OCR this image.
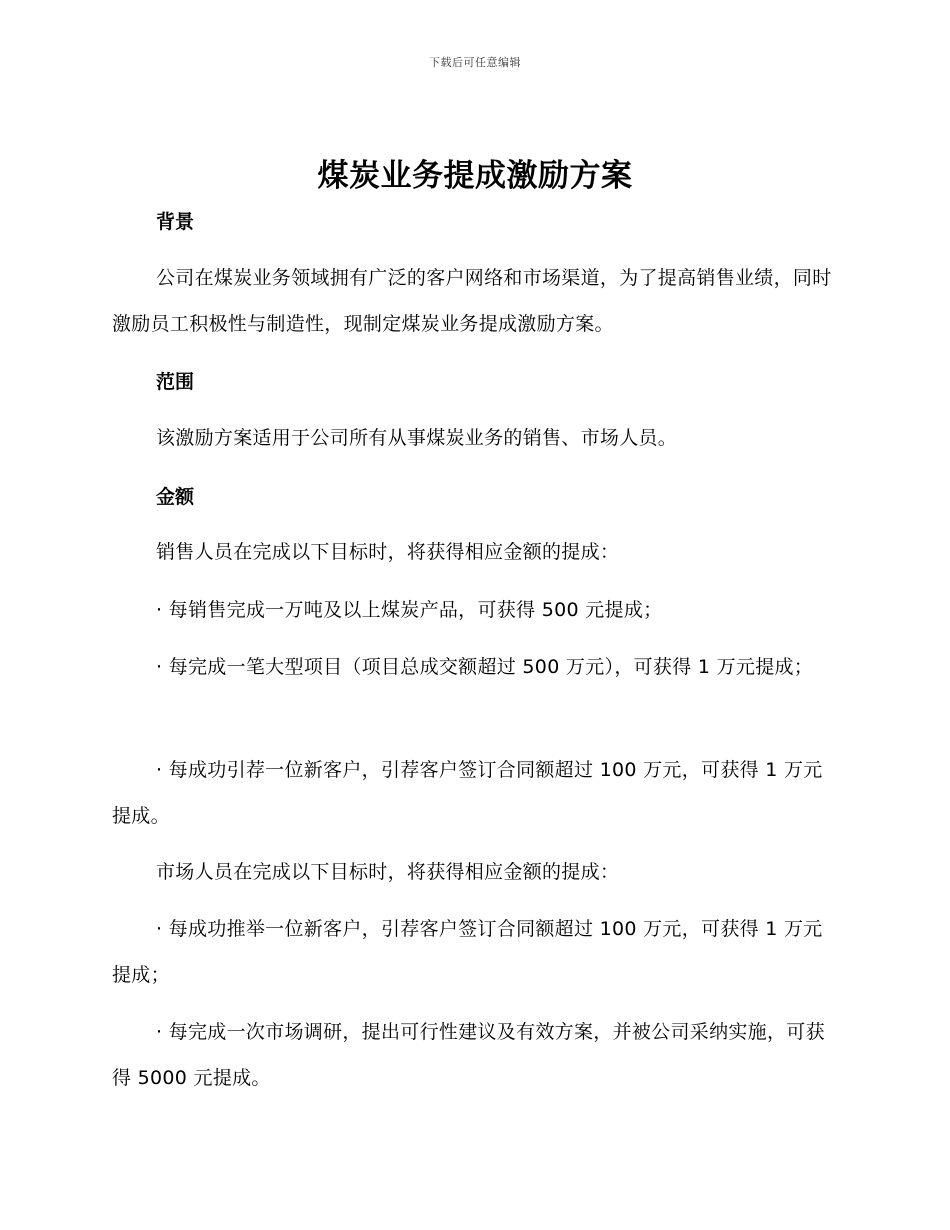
下载后可任意编辑
煤炭业务提成激励方案
背景

公司在煤炭业务领域拥有广泛的客户网络和市场渠道，为了提高销售业绩，同时激励员工积极性与制造性，现制定煤炭业务提成激励方案。

范围

该激励方案适用于公司所有从事煤炭业务的销售、市场人员。

金额

销售人员在完成以下目标时，将获得相应金额的提成：

· 每销售完成一万吨及以上煤炭产品，可获得 500 元提成；

· 每完成一笔大型项目（项目总成交额超过 500 万元），可获得 1 万元提成；

· 每成功引荐一位新客户，引荐客户签订合同额超过 100 万元，可获得 1 万元提成。

市场人员在完成以下目标时，将获得相应金额的提成：

· 每成功推举一位新客户，引荐客户签订合同额超过 100 万元，可获得 1 万元提成；

· 每完成一次市场调研，提出可行性建议及有效方案，并被公司采纳实施，可获得 5000 元提成。
